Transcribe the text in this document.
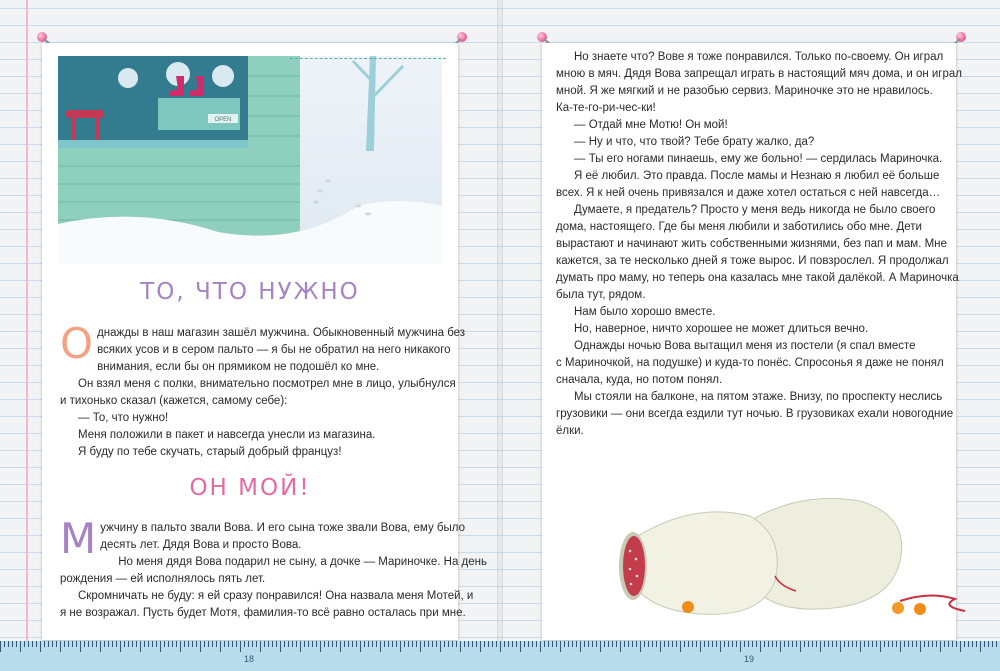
OPEN
ТО, ЧТО НУЖНО
О днажды в наш магазин зашёл мужчина. Обыкновенный мужчина без

всяких усов и в сером пальто — я бы не обратил на него никакого

внимания, если бы он прямиком не подошёл ко мне.

Он взял меня с полки, внимательно посмотрел мне в лицо, улыбнулся

и тихонько сказал (кажется, самому себе):

— То, что нужно!

Меня положили в пакет и навсегда унесли из магазина.

Я буду по тебе скучать, старый добрый француз!

ОН МОЙ!
М ужчину в пальто звали Вова. И его сына тоже звали Вова, ему было

десять лет. Дядя Вова и просто Вова.

Но меня дядя Вова подарил не сыну, а дочке — Мариночке. На день

рождения — ей исполнялось пять лет.

Скромничать не буду: я ей сразу понравился! Она назвала меня Мотей, и

я не возражал. Пусть будет Мотя, фамилия-то всё равно осталась при мне.

Но знаете что? Вове я тоже понравился. Только по-своему. Он играл

мною в мяч. Дядя Вова запрещал играть в настоящий мяч дома, и он играл

мной. Я же мягкий и не разобью сервиз. Мариночке это не нравилось.

Ка-те-го-ри-чес-ки!

— Отдай мне Мотю! Он мой!

— Ну и что, что твой? Тебе брату жалко, да?

— Ты его ногами пинаешь, ему же больно! — сердилась Мариночка.

Я её любил. Это правда. После мамы и Незнаю я любил её больше

всех. Я к ней очень привязался и даже хотел остаться с ней навсегда…

Думаете, я предатель? Просто у меня ведь никогда не было своего

дома, настоящего. Где бы меня любили и заботились обо мне. Дети

вырастают и начинают жить собственными жизнями, без пап и мам. Мне

кажется, за те несколько дней я тоже вырос. И повзрослел. Я продолжал

думать про маму, но теперь она казалась мне такой далёкой. А Мариночка

была тут, рядом.

Нам было хорошо вместе.

Но, наверное, ничто хорошее не может длиться вечно.

Однажды ночью Вова вытащил меня из постели (я спал вместе

с Мариночкой, на подушке) и куда-то понёс. Спросонья я даже не понял

сначала, куда, но потом понял.

Мы стояли на балконе, на пятом этаже. Внизу, по проспекту неслись

грузовики — они всегда ездили тут ночью. В грузовиках ехали новогодние

ёлки.

18	19
